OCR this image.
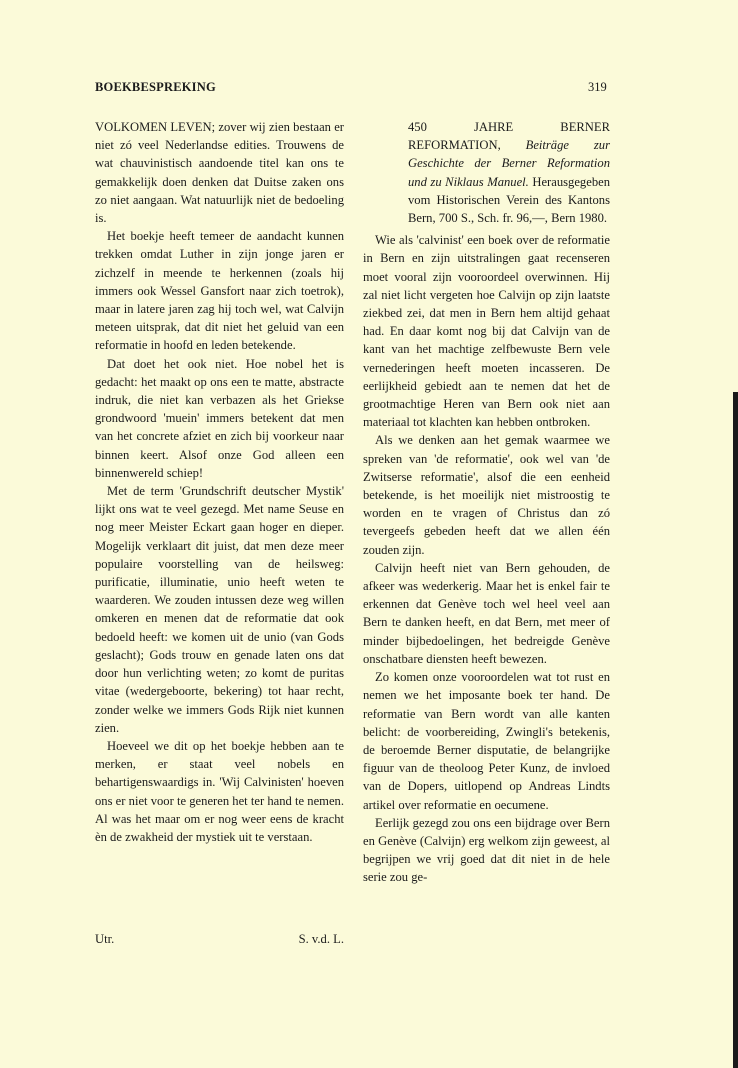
BOEKBESPREKING	319

VOLKOMEN LEVEN; zover wij zien bestaan er niet zó veel Nederlandse edities. Trouwens de wat chauvinistisch aandoende titel kan ons te gemakkelijk doen denken dat Duitse zaken ons zo niet aangaan. Wat natuurlijk niet de bedoeling is.

Het boekje heeft temeer de aandacht kunnen trekken omdat Luther in zijn jonge jaren er zichzelf in meende te herkennen (zoals hij immers ook Wessel Gansfort naar zich toetrok), maar in latere jaren zag hij toch wel, wat Calvijn meteen uitsprak, dat dit niet het geluid van een reformatie in hoofd en leden betekende.

Dat doet het ook niet. Hoe nobel het is gedacht: het maakt op ons een te matte, abstracte indruk, die niet kan verbazen als het Griekse grondwoord 'muein' immers betekent dat men van het concrete afziet en zich bij voorkeur naar binnen keert. Alsof onze God alleen een binnenwereld schiep!

Met de term 'Grundschrift deutscher Mystik' lijkt ons wat te veel gezegd. Met name Seuse en nog meer Meister Eckart gaan hoger en dieper. Mogelijk verklaart dit juist, dat men deze meer populaire voorstelling van de heilsweg: purificatie, illuminatie, unio heeft weten te waarderen. We zouden intussen deze weg willen omkeren en menen dat de reformatie dat ook bedoeld heeft: we komen uit de unio (van Gods geslacht); Gods trouw en genade laten ons dat door hun verlichting weten; zo komt de puritas vitae (wedergeboorte, bekering) tot haar recht, zonder welke we immers Gods Rijk niet kunnen zien.

Hoeveel we dit op het boekje hebben aan te merken, er staat veel nobels en behartigenswaardigs in. 'Wij Calvinisten' hoeven ons er niet voor te generen het ter hand te nemen. Al was het maar om er nog weer eens de kracht èn de zwakheid der mystiek uit te verstaan.

Utr.	S. v.d. L.
450 JAHRE BERNER REFORMATION, Beiträge zur Geschichte der Berner Reformation und zu Niklaus Manuel. Herausgegeben vom Historischen Verein des Kantons Bern, 700 S., Sch. fr. 96,—, Bern 1980.

Wie als 'calvinist' een boek over de reformatie in Bern en zijn uitstralingen gaat recenseren moet vooral zijn vooroordeel overwinnen. Hij zal niet licht vergeten hoe Calvijn op zijn laatste ziekbed zei, dat men in Bern hem altijd gehaat had. En daar komt nog bij dat Calvijn van de kant van het machtige zelfbewuste Bern vele vernederingen heeft moeten incasseren. De eerlijkheid gebiedt aan te nemen dat het de grootmachtige Heren van Bern ook niet aan materiaal tot klachten kan hebben ontbroken.

Als we denken aan het gemak waarmee we spreken van 'de reformatie', ook wel van 'de Zwitserse reformatie', alsof die een eenheid betekende, is het moeilijk niet mistroostig te worden en te vragen of Christus dan zó tevergeefs gebeden heeft dat we allen één zouden zijn.

Calvijn heeft niet van Bern gehouden, de afkeer was wederkerig. Maar het is enkel fair te erkennen dat Genève toch wel heel veel aan Bern te danken heeft, en dat Bern, met meer of minder bijbedoelingen, het bedreigde Genève onschatbare diensten heeft bewezen.

Zo komen onze vooroordelen wat tot rust en nemen we het imposante boek ter hand. De reformatie van Bern wordt van alle kanten belicht: de voorbereiding, Zwingli's betekenis, de beroemde Berner disputatie, de belangrijke figuur van de theoloog Peter Kunz, de invloed van de Dopers, uitlopend op Andreas Lindts artikel over reformatie en oecumene.

Eerlijk gezegd zou ons een bijdrage over Bern en Genève (Calvijn) erg welkom zijn geweest, al begrijpen we vrij goed dat dit niet in de hele serie zou ge-
